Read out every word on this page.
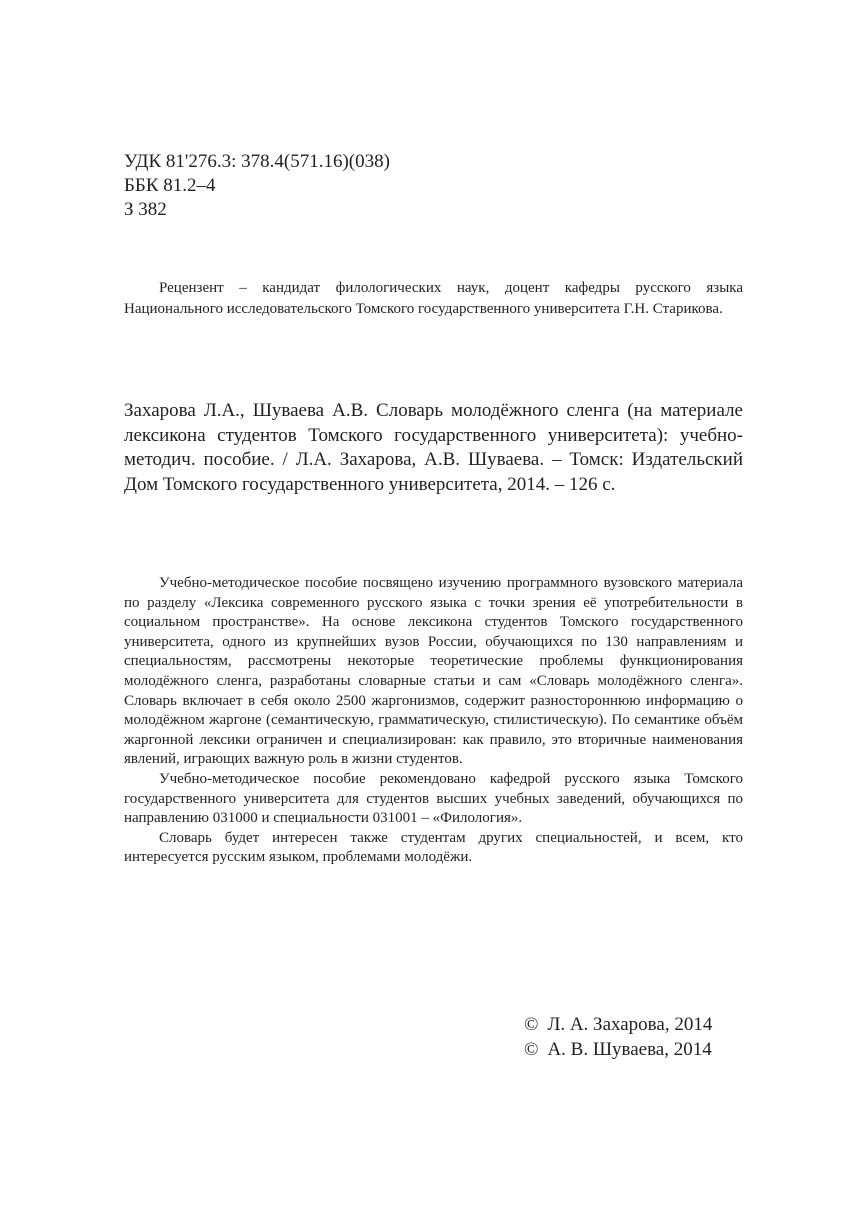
УДК 81'276.3: 378.4(571.16)(038)
ББК 81.2–4
З 382
Рецензент – кандидат филологических наук, доцент кафедры русского языка Национального исследовательского Томского государственного университета Г.Н. Старикова.
Захарова Л.А., Шуваева А.В. Словарь молодёжного сленга (на материале лексикона студентов Томского государственного университета): учебно-методич. пособие. / Л.А. Захарова, А.В. Шуваева. – Томск: Издательский Дом Томского государственного университета, 2014. – 126 с.

Учебно-методическое пособие посвящено изучению программного вузовского материала по разделу «Лексика современного русского языка с точки зрения её употребительности в социальном пространстве». На основе лексикона студентов Томского государственного университета, одного из крупнейших вузов России, обучающихся по 130 направлениям и специальностям, рассмотрены некоторые теоретические проблемы функционирования молодёжного сленга, разработаны словарные статьи и сам «Словарь молодёжного сленга». Словарь включает в себя около 2500 жаргонизмов, содержит разностороннюю информацию о молодёжном жаргоне (семантическую, грамматическую, стилистическую). По семантике объём жаргонной лексики ограничен и специализирован: как правило, это вторичные наименования явлений, играющих важную роль в жизни студентов.

Учебно-методическое пособие рекомендовано кафедрой русского языка Томского государственного университета для студентов высших учебных заведений, обучающихся по направлению 031000 и специальности 031001 – «Филология».

Словарь будет интересен также студентам других специальностей, и всем, кто интересуется русским языком, проблемами молодёжи.

© Л. А. Захарова, 2014
© А. В. Шуваева, 2014
